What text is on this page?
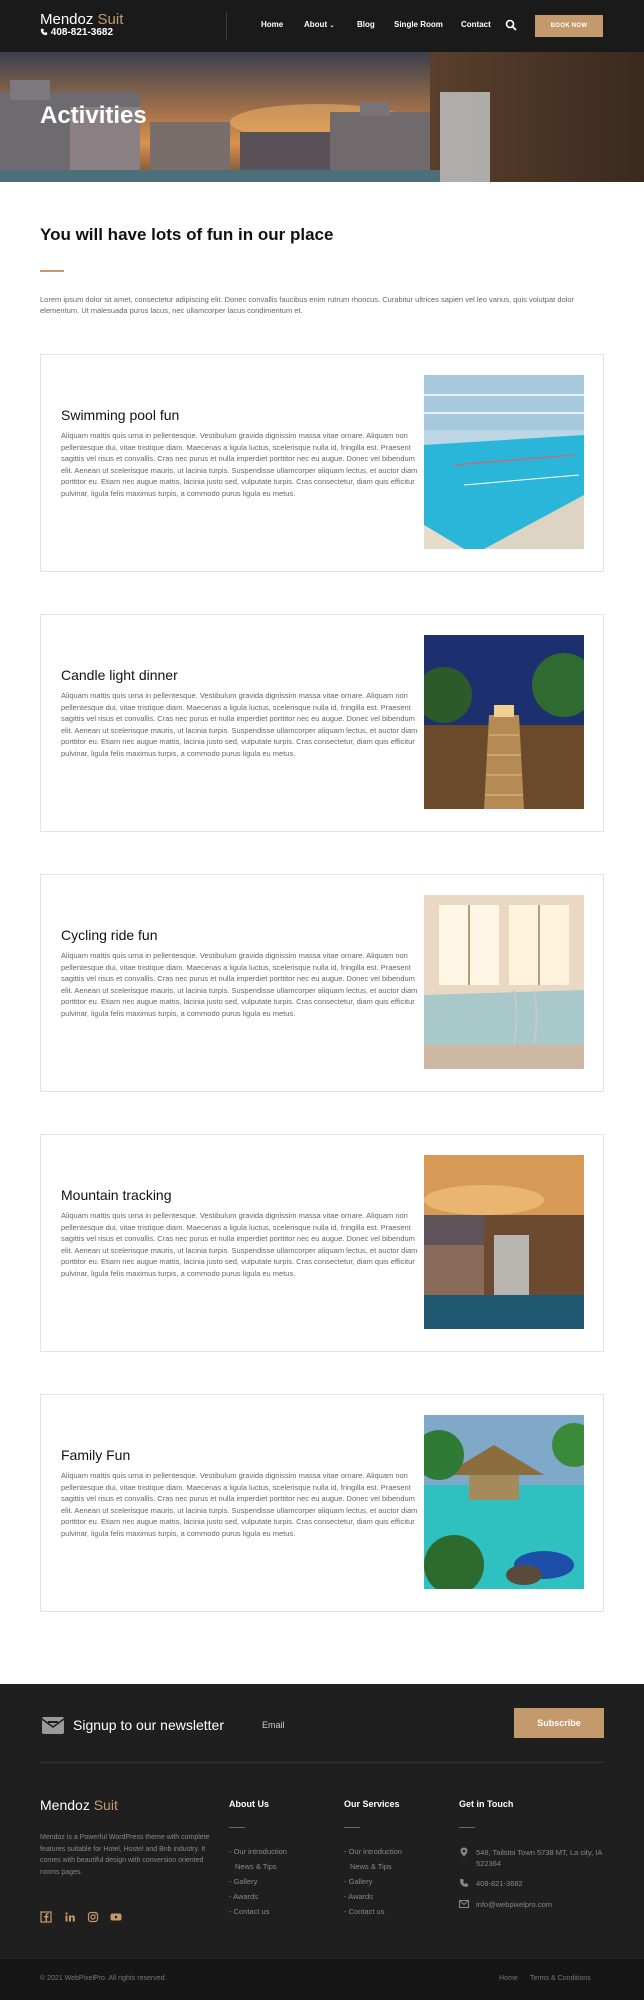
Mendoz Suit
408-821-3682
Home	About ⌄	Blog Single Room Contact	BOOK NOW
Activities
You will have lots of fun in our place

Lorem ipsum dolor sit amet, consectetur adipiscing elit. Donec convallis faucibus enim rutrum rhoncus. Curabitur ultrices sapien vel leo varius, quis volutpat dolor elementum. Ut malesuada purus lacus, nec ullamcorper lacus condimentum et.

Swimming pool fun

Aliquam mattis quis urna in pellentesque. Vestibulum gravida dignissim massa vitae ornare. Aliquam non pellentesque dui, vitae tristique diam. Maecenas a ligula luctus, scelerisque nulla id, fringilla est. Praesent sagittis vel risus et convallis. Cras nec purus et nulla imperdiet porttitor nec eu augue. Donec vel bibendum elit. Aenean ut scelerisque mauris, ut lacinia turpis. Suspendisse ullamcorper aliquam lectus, et auctor diam porttitor eu. Etiam nec augue mattis, lacinia justo sed, vulputate turpis. Cras consectetur, diam quis efficitur pulvinar, ligula felis maximus turpis, a commodo purus ligula eu metus.

Candle light dinner

Aliquam mattis quis urna in pellentesque. Vestibulum gravida dignissim massa vitae ornare. Aliquam non pellentesque dui, vitae tristique diam. Maecenas a ligula luctus, scelerisque nulla id, fringilla est. Praesent sagittis vel risus et convallis. Cras nec purus et nulla imperdiet porttitor nec eu augue. Donec vel bibendum elit. Aenean ut scelerisque mauris, ut lacinia turpis. Suspendisse ullamcorper aliquam lectus, et auctor diam porttitor eu. Etiam nec augue mattis, lacinia justo sed, vulputate turpis. Cras consectetur, diam quis efficitur pulvinar, ligula felis maximus turpis, a commodo purus ligula eu metus.

Cycling ride fun

Aliquam mattis quis urna in pellentesque. Vestibulum gravida dignissim massa vitae ornare. Aliquam non pellentesque dui, vitae tristique diam. Maecenas a ligula luctus, scelerisque nulla id, fringilla est. Praesent sagittis vel risus et convallis. Cras nec purus et nulla imperdiet porttitor nec eu augue. Donec vel bibendum elit. Aenean ut scelerisque mauris, ut lacinia turpis. Suspendisse ullamcorper aliquam lectus, et auctor diam porttitor eu. Etiam nec augue mattis, lacinia justo sed, vulputate turpis. Cras consectetur, diam quis efficitur pulvinar, ligula felis maximus turpis, a commodo purus ligula eu metus.

Mountain tracking

Aliquam mattis quis urna in pellentesque. Vestibulum gravida dignissim massa vitae ornare. Aliquam non pellentesque dui, vitae tristique diam. Maecenas a ligula luctus, scelerisque nulla id, fringilla est. Praesent sagittis vel risus et convallis. Cras nec purus et nulla imperdiet porttitor nec eu augue. Donec vel bibendum elit. Aenean ut scelerisque mauris, ut lacinia turpis. Suspendisse ullamcorper aliquam lectus, et auctor diam porttitor eu. Etiam nec augue mattis, lacinia justo sed, vulputate turpis. Cras consectetur, diam quis efficitur pulvinar, ligula felis maximus turpis, a commodo purus ligula eu metus.

Family Fun

Aliquam mattis quis urna in pellentesque. Vestibulum gravida dignissim massa vitae ornare. Aliquam non pellentesque dui, vitae tristique diam. Maecenas a ligula luctus, scelerisque nulla id, fringilla est. Praesent sagittis vel risus et convallis. Cras nec purus et nulla imperdiet porttitor nec eu augue. Donec vel bibendum elit. Aenean ut scelerisque mauris, ut lacinia turpis. Suspendisse ullamcorper aliquam lectus, et auctor diam porttitor eu. Etiam nec augue mattis, lacinia justo sed, vulputate turpis. Cras consectetur, diam quis efficitur pulvinar, ligula felis maximus turpis, a commodo purus ligula eu metus.

Signup to our newsletter	Email	Subscribe
Mendoz Suit
Mendoz is a Powerful WordPress theme with complete features suitable for Hotel, Hostel and Bnb industry. It comes with beautiful design with conversion oriented rooms pages.
About Us
- Our introduction
News & Tips
- Gallery
- Awards
- Contact us
Our Services
- Our introduction
News & Tips
- Gallery
- Awards
- Contact us
Get in Touch
548, Tailstoi Town 5738 MT, La city, IA 522364
408-821-3682
info@webpixelpro.com
© 2021 WebPixelPro. All rights reserved.	Home Terms & Conditions
